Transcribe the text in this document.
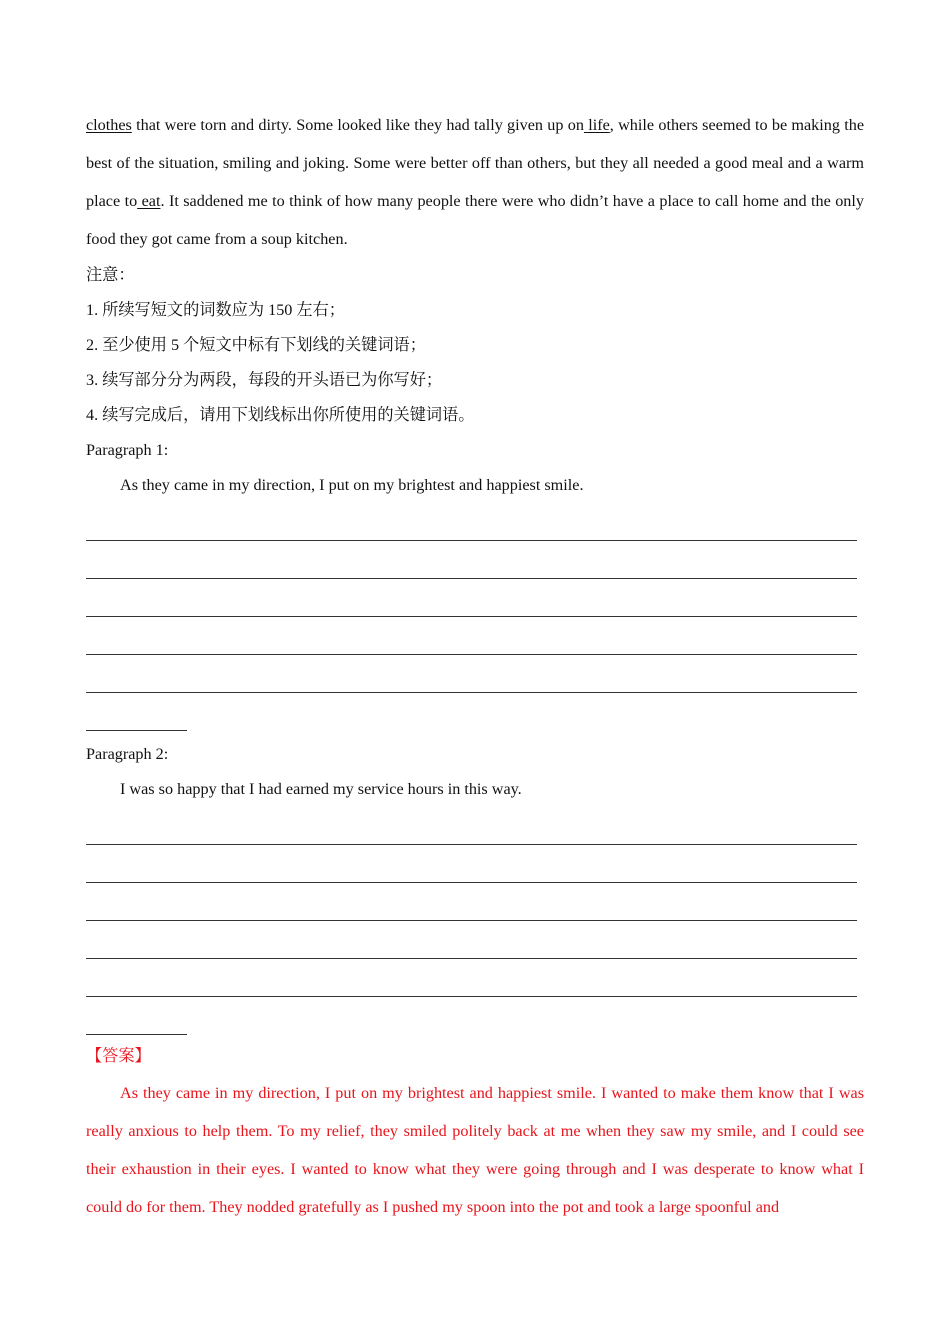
clothes that were torn and dirty. Some looked like they had tally given up on life, while others seemed to be making the best of the situation, smiling and joking. Some were better off than others, but they all needed a good meal and a warm place to eat. It saddened me to think of how many people there were who didn’t have a place to call home and the only food they got came from a soup kitchen.

注意：

1. 所续写短文的词数应为 150 左右；

2. 至少使用 5 个短文中标有下划线的关键词语；

3. 续写部分分为两段，每段的开头语已为你写好；

4. 续写完成后，请用下划线标出你所使用的关键词语。

Paragraph 1:

As they came in my direction, I put on my brightest and happiest smile.

Paragraph 2:

I was so happy that I had earned my service hours in this way.

【答案】

As they came in my direction, I put on my brightest and happiest smile. I wanted to make them know that I was really anxious to help them. To my relief, they smiled politely back at me when they saw my smile, and I could see their exhaustion in their eyes. I wanted to know what they were going through and I was desperate to know what I could do for them. They nodded gratefully as I pushed my spoon into the pot and took a large spoonful and
